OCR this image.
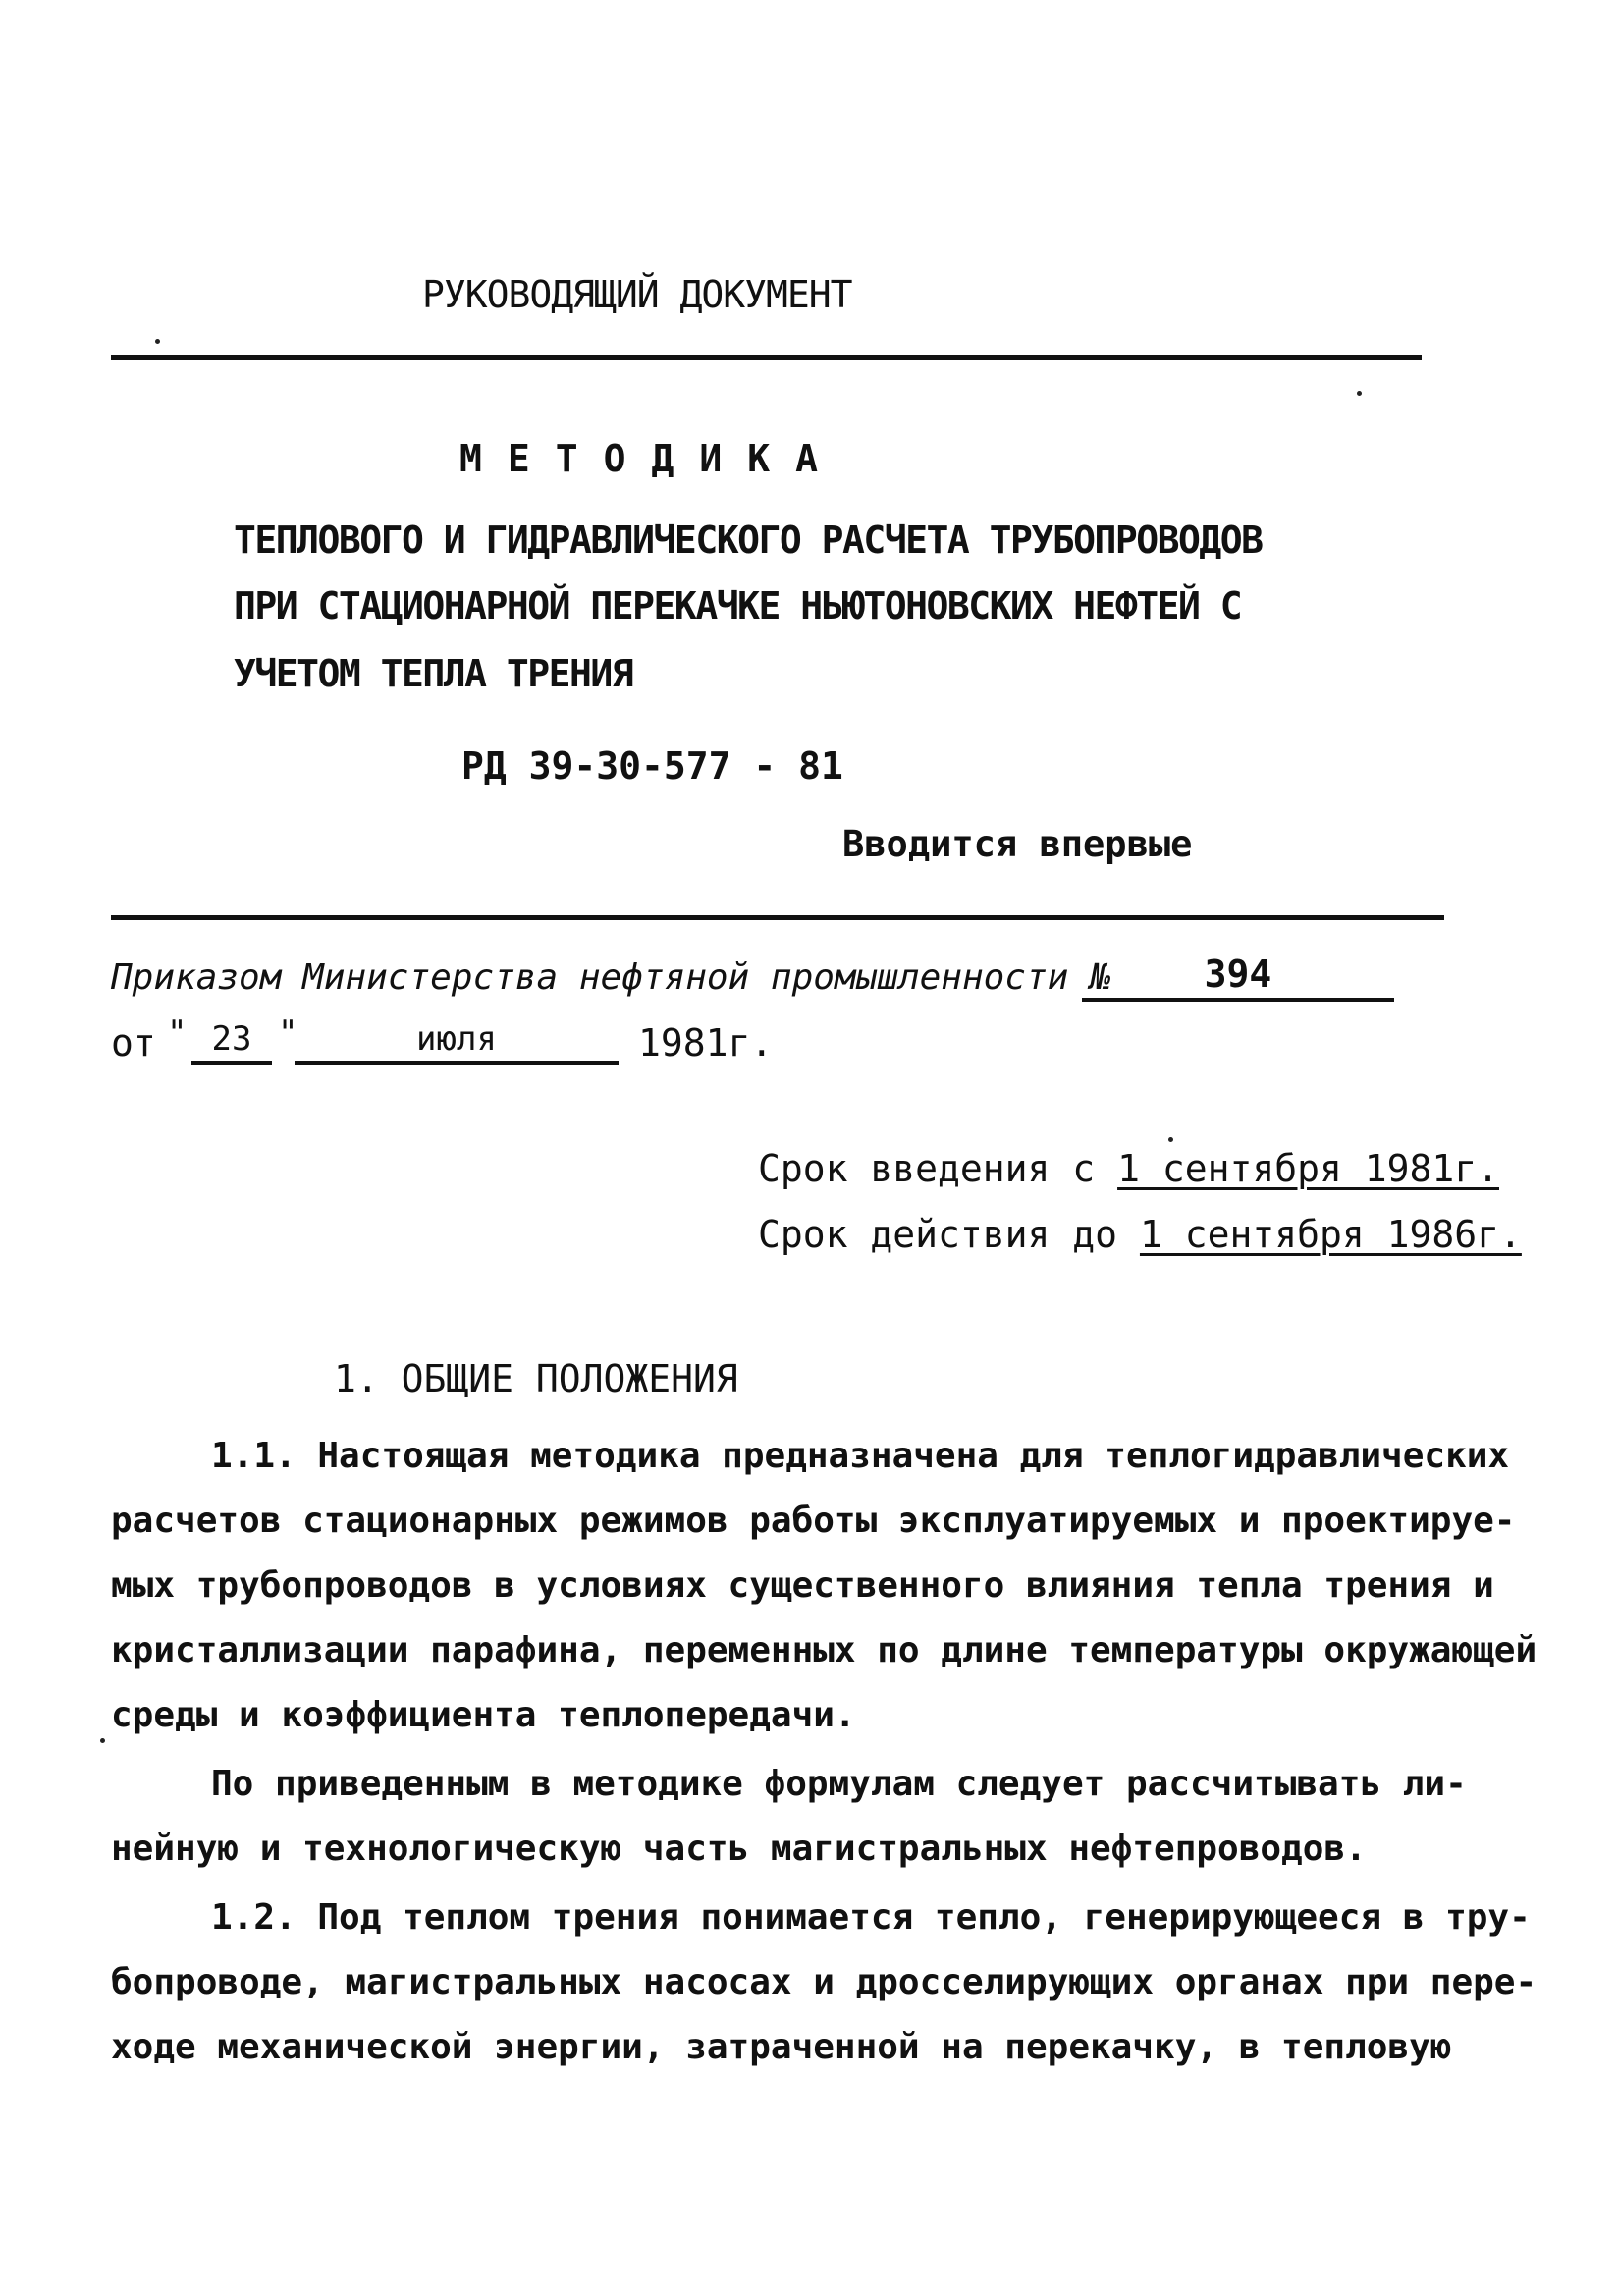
РУКОВОДЯЩИЙ ДОКУМЕНТ
МЕТОДИКА
ТЕПЛОВОГО И ГИДРАВЛИЧЕСКОГО РАСЧЕТА ТРУБОПРОВОДОВ
ПРИ СТАЦИОНАРНОЙ ПЕРЕКАЧКЕ НЬЮТОНОВСКИХ НЕФТЕЙ С
УЧЕТОМ ТЕПЛА ТРЕНИЯ
РД 39-30-577 - 81
Вводится впервые
Приказом Министерства нефтяной промышленности №	394
от " 23 "	июля	1981г.
Срок введения с 1 сентября 1981г.
Срок действия до 1 сентября 1986г.
1. ОБЩИЕ ПОЛОЖЕНИЯ
1.1. Настоящая методика предназначена для теплогидравлических
расчетов стационарных режимов работы эксплуатируемых и проектируе-
мых трубопроводов в условиях существенного влияния тепла трения и
кристаллизации парафина, переменных по длине температуры окружающей
среды и коэффициента теплопередачи.
По приведенным в методике формулам следует рассчитывать ли-
нейную и технологическую часть магистральных нефтепроводов.
1.2. Под теплом трения понимается тепло, генерирующееся в тру-
бопроводе, магистральных насосах и дросселирующих органах при пере-
ходе механической энергии, затраченной на перекачку, в тепловую
